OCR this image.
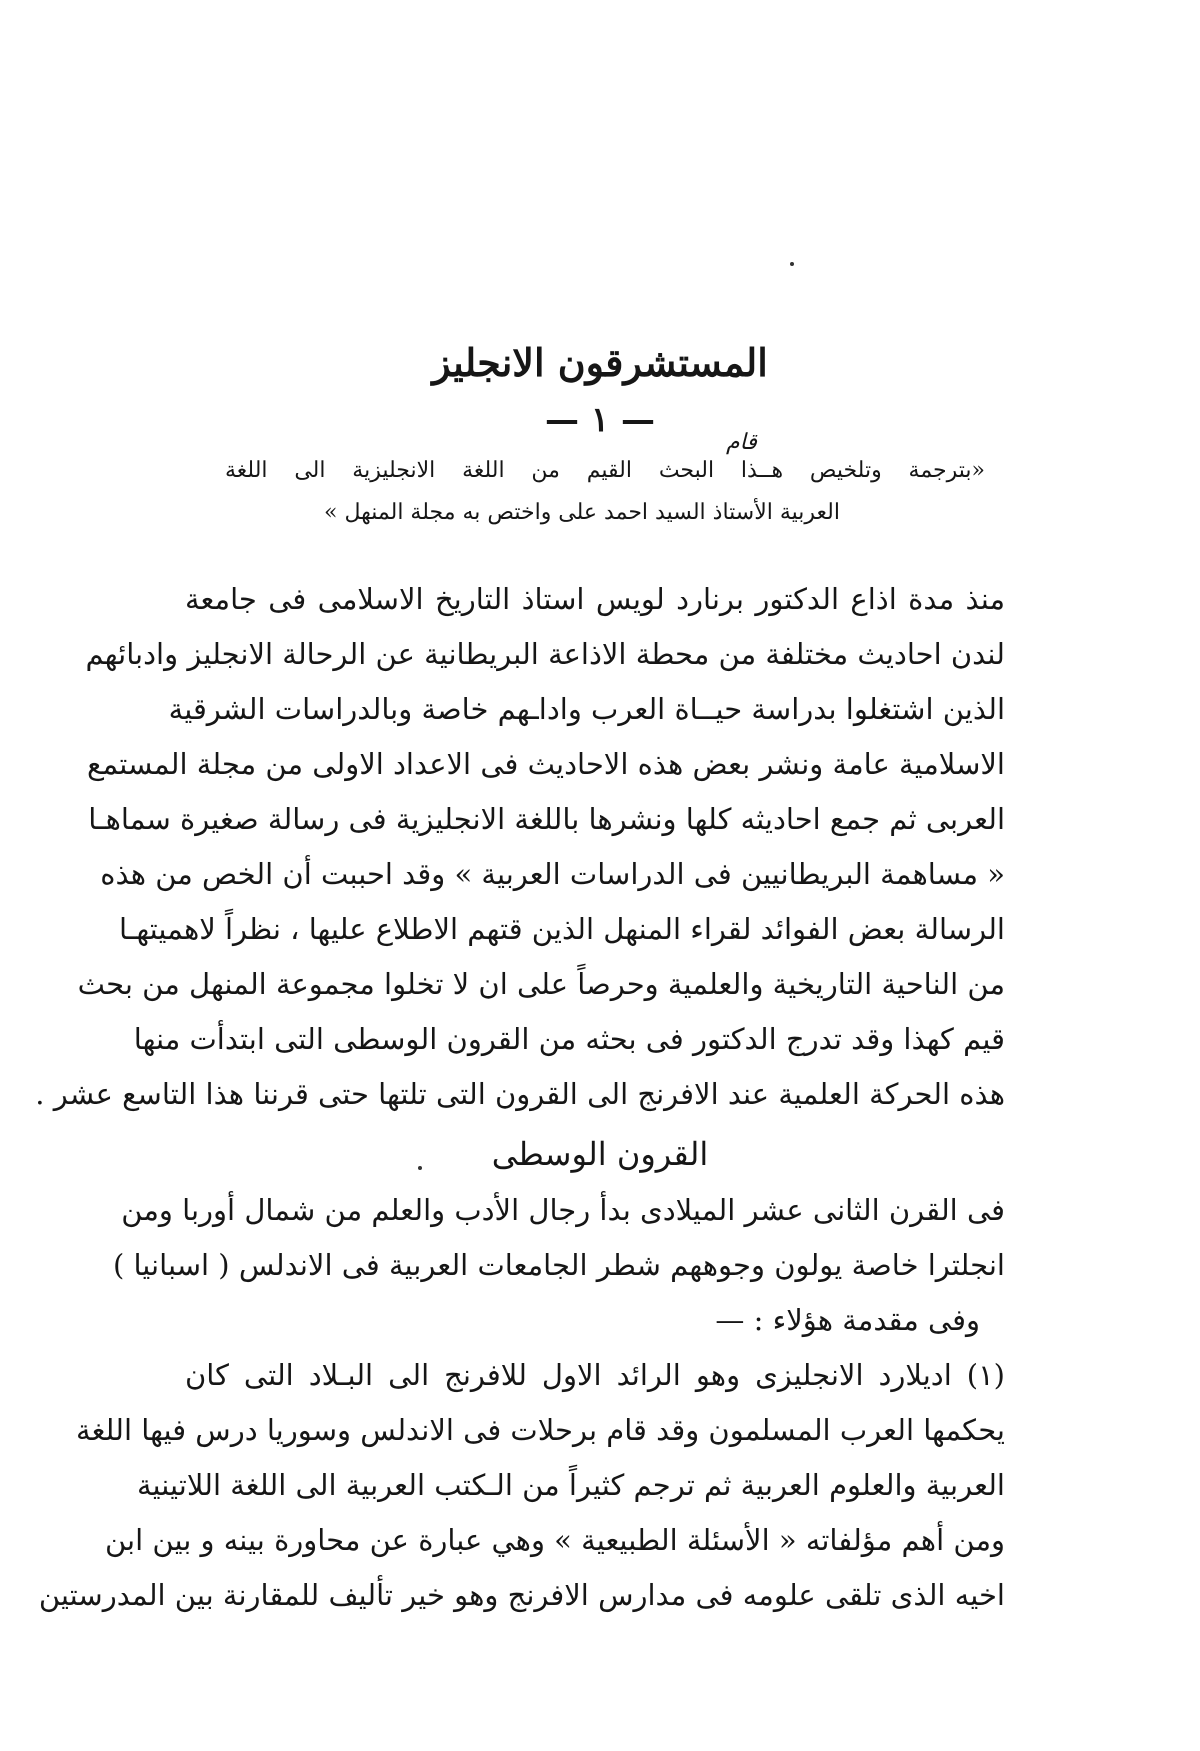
المستشرقون الانجليز
— ١ —
قام
«بترجمة وتلخيص هــذا البحث القيم من اللغة الانجليزية الى اللغة
العربية الأستاذ السيد احمد على واختص به مجلة المنهل »
منذ مدة اذاع الدكتور برنارد لويس استاذ التاريخ الاسلامى فى جامعة
لندن احاديث مختلفة من محطة الاذاعة البريطانية عن الرحالة الانجليز وادبائهم
الذين اشتغلوا بدراسة حيــاة العرب واداـهم خاصة وبالدراسات الشرقية
الاسلامية عامة ونشر بعض هذه الاحاديث فى الاعداد الاولى من مجلة المستمع
العربى ثم جمع احاديثه كلها ونشرها باللغة الانجليزية فى رسالة صغيرة سماهـا
« مساهمة البريطانيين فى الدراسات العربية » وقد احببت أن الخص من هذه
الرسالة بعض الفوائد لقراء المنهل الذين قتهم الاطلاع عليها ، نظراً لاهميتهـا
من الناحية التاريخية والعلمية وحرصاً على ان لا تخلوا مجموعة المنهل من بحث
قيم كهذا وقد تدرج الدكتور فى بحثه من القرون الوسطى التى ابتدأت منها
هذه الحركة العلمية عند الافرنج الى القرون التى تلتها حتى قرننا هذا التاسع عشر .
القرون الوسطى
فى القرن الثانى عشر الميلادى بدأ رجال الأدب والعلم من شمال أوربا ومن
انجلترا خاصة يولون وجوههم شطر الجامعات العربية فى الاندلس ( اسبانيا )
وفى مقدمة هؤلاء : —
(١) اديلارد الانجليزى وهو الرائد الاول للافرنج الى البـلاد التى كان
يحكمها العرب المسلمون وقد قام برحلات فى الاندلس وسوريا درس فيها اللغة
العربية والعلوم العربية ثم ترجم كثيراً من الـكتب العربية الى اللغة اللاتينية
ومن أهم مؤلفاته « الأسئلة الطبيعية » وهي عبارة عن محاورة بينه و بين ابن
اخيه الذى تلقى علومه فى مدارس الافرنج وهو خير تأليف للمقارنة بين المدرستين
